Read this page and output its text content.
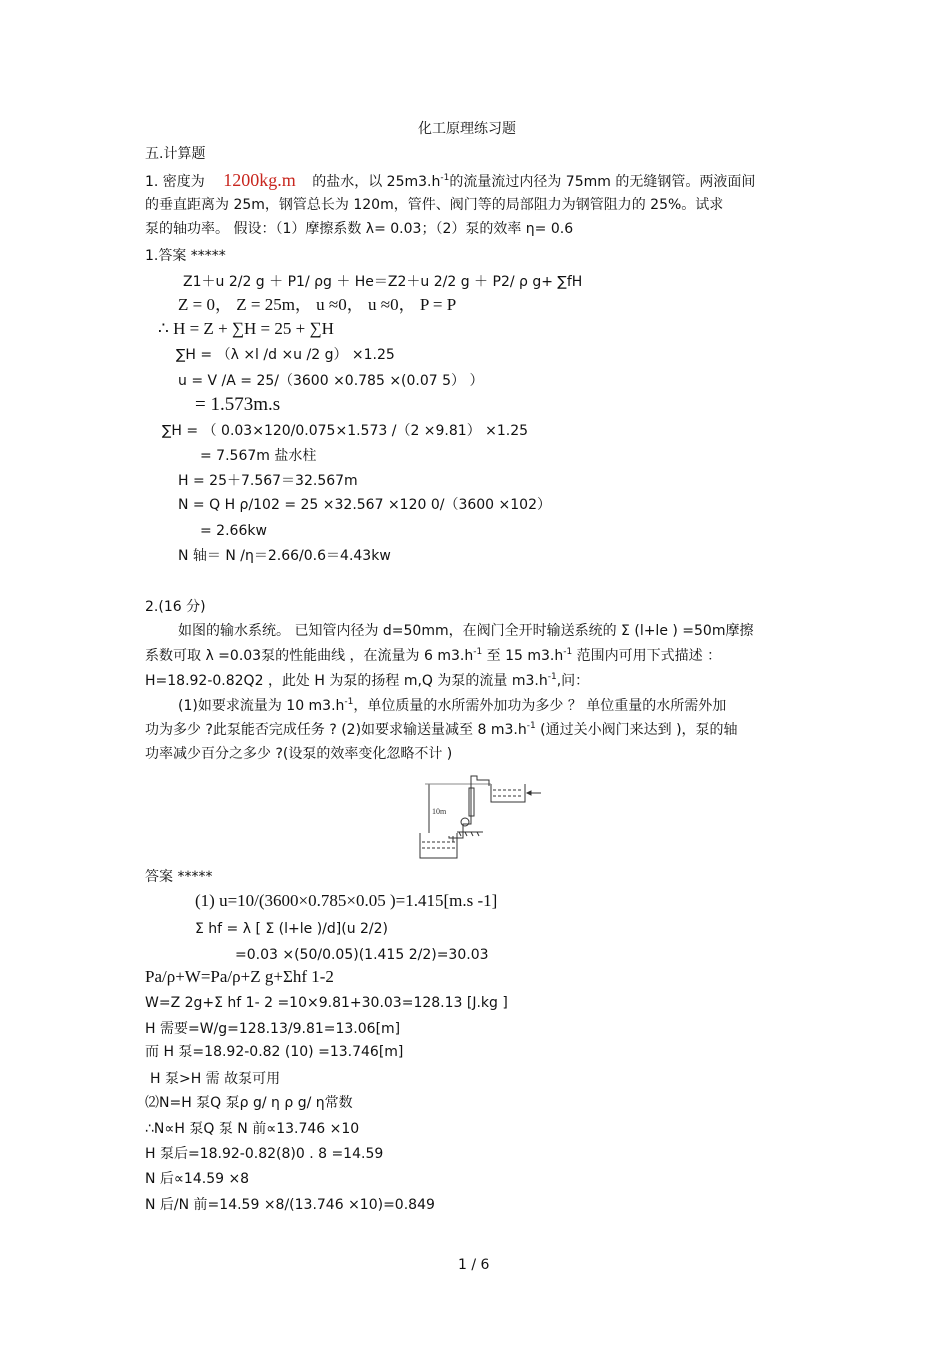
化工原理练习题
五.计算题
1. 密度为 1200kg.m 的盐水，以 $25m3.h^{-1}$的流量流过内径为 75mm 的无缝钢管。两液面间
的垂直距离为 25m，钢管总长为 120m，管件、阀门等的局部阻力为钢管阻力的 25%。试求
泵的轴功率。 假设：（1）摩擦系数 λ= 0.03；（2）泵的效率 η= 0.6
1.答案 *****
Z1＋u 2/2 g ＋ P1/ ρg ＋ He＝Z2＋u 2/2 g ＋ P2/ ρ g+ ∑fH
Z = 0， Z = 25m， u ≈0， u ≈0， P = P
∴ H = Z + ∑H = 25 + ∑H
∑H = （λ ×l /d ×u /2 g） ×1.25
u = V /A = 25/（3600 ×0.785 ×(0.07 5） ）
= 1.573m.s
∑H = （ 0.03×120/0.075×1.573 /（2 ×9.81） ×1.25
= 7.567m 盐水柱
H = 25＋7.567＝32.567m
N = Q H ρ/102 = 25 ×32.567 ×120 0/（3600 ×102）
= 2.66kw
N 轴＝ N /η＝2.66/0.6＝4.43kw
2.(16 分)
如图的输水系统。 已知管内径为 d=50mm，在阀门全开时输送系统的 Σ (l+le ) =50m摩擦
系数可取 λ =0.03泵的性能曲线 ，在流量为 6 $m3.h^{-1}$ 至 15 $m3.h^{-1}$ 范围内可用下式描述 ：
H=18.92-0.82Q2 ，此处 H 为泵的扬程 m,Q 为泵的流量 $m3.h^{-1}$,问：
(1)如要求流量为 10 $m3.h^{-1}$，单位质量的水所需外加功为多少 ？ 单位重量的水所需外加
功为多少 ?此泵能否完成任务 ? (2)如要求输送量减至 8 $m3.h^{-1}$ (通过关小阀门来达到 )，泵的轴
功率减少百分之多少 ?(设泵的效率变化忽略不计 )
10m
答案 *****
(1) u=10/(3600×0.785×0.05 )=1.415[m.s -1]
Σ hf = λ [ Σ (l+le )/d](u 2/2)
=0.03 ×(50/0.05)(1.415 2/2)=30.03
Pa/ρ+W=Pa/ρ+Z g+Σhf 1-2
W=Z 2g+Σ hf 1- 2 =10×9.81+30.03=128.13 [J.kg ]
H 需要=W/g=128.13/9.81=13.06[m]
而 H 泵=18.92-0.82 (10) =13.746[m]
H 泵>H 需 故泵可用
⑵N=H 泵Q 泵ρ g/ η ρ g/ η常数
∴N∝H 泵Q 泵 N 前∝13.746 ×10
H 泵后=18.92-0.82(8)0 . 8 =14.59
N 后∝14.59 ×8
N 后/N 前=14.59 ×8/(13.746 ×10)=0.849
1 / 6
